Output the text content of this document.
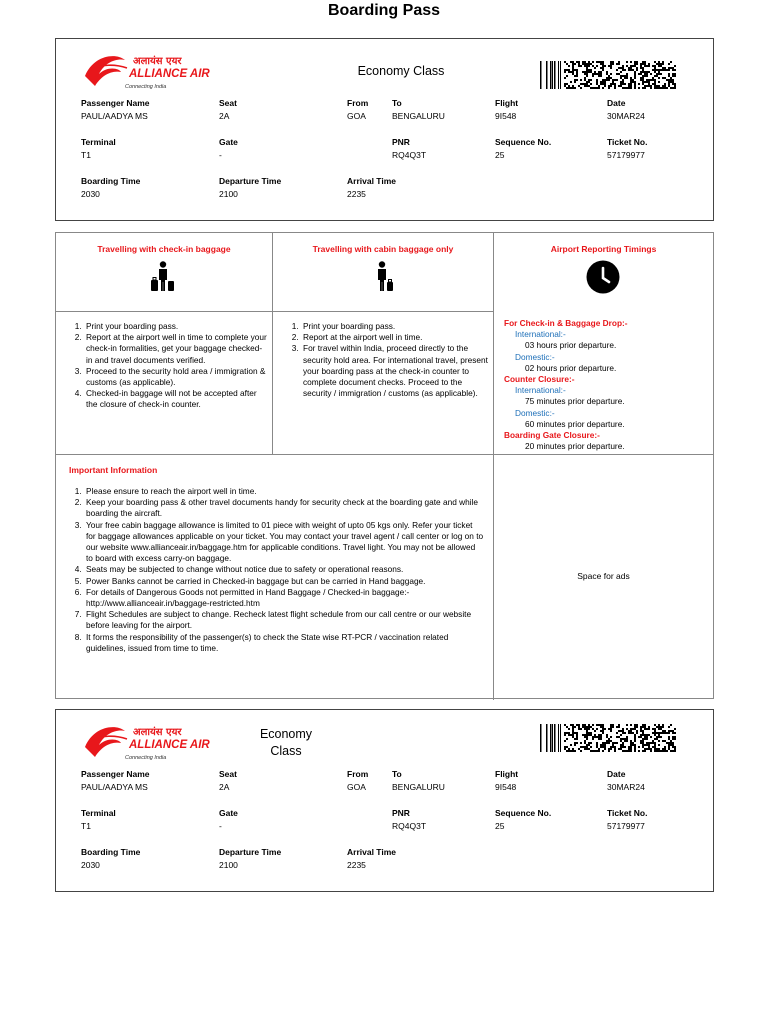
Boarding Pass
अलायंस एयर
ALLIANCE AIR
Connecting India
Economy Class
Passenger Name
PAUL/AADYA MS
Seat
2A
From
GOA
To
BENGALURU
Flight
9I548
Date
30MAR24
Terminal
T1
Gate
-
PNR
RQ4Q3T
Sequence No.
25
Ticket No.
57179977
Boarding Time
2030
Departure Time
2100
Arrival Time
2235
Travelling with check-in baggage	Travelling with cabin baggage only	Airport Reporting Timings
1. Print your boarding pass.
2. Report at the airport well in time to complete your check-in formalities, get your baggage checked-in and travel documents verified.
3. Proceed to the security hold area / immigration & customs (as applicable).
4. Checked-in baggage will not be accepted after the closure of check-in counter.
1. Print your boarding pass.
2. Report at the airport well in time.
3. For travel within India, proceed directly to the security hold area. For international travel, present your boarding pass at the check-in counter to complete document checks. Proceed to the security / immigration / customs (as applicable).
For Check-in & Baggage Drop:-
International:-
03 hours prior departure.
Domestic:-
02 hours prior departure.
Counter Closure:-
International:-
75 minutes prior departure.
Domestic:-
60 minutes prior departure.
Boarding Gate Closure:-
20 minutes prior departure.
Important Information
1. Please ensure to reach the airport well in time.
2. Keep your boarding pass & other travel documents handy for security check at the boarding gate and while boarding the aircraft.
3. Your free cabin baggage allowance is limited to 01 piece with weight of upto 05 kgs only. Refer your ticket for baggage allowances applicable on your ticket. You may contact your travel agent / call center or log on to our website www.allianceair.in/baggage.htm for applicable conditions. Travel light. You may not be allowed to board with excess carry-on baggage.
4. Seats may be subjected to change without notice due to safety or operational reasons.
5. Power Banks cannot be carried in Checked-in baggage but can be carried in Hand baggage.
6. For details of Dangerous Goods not permitted in Hand Baggage / Checked-in baggage:- http://www.allianceair.in/baggage-restricted.htm
7. Flight Schedules are subject to change. Recheck latest flight schedule from our call centre or our website before leaving for the airport.
8. It forms the responsibility of the passenger(s) to check the State wise RT-PCR / vaccination related guidelines, issued from time to time.
Space for ads
अलायंस एयर
ALLIANCE AIR
Connecting India
Economy
Class
Passenger Name
PAUL/AADYA MS
Seat
2A
From
GOA
To
BENGALURU
Flight
9I548
Date
30MAR24
Terminal
T1
Gate
-
PNR
RQ4Q3T
Sequence No.
25
Ticket No.
57179977
Boarding Time
2030
Departure Time
2100
Arrival Time
2235
